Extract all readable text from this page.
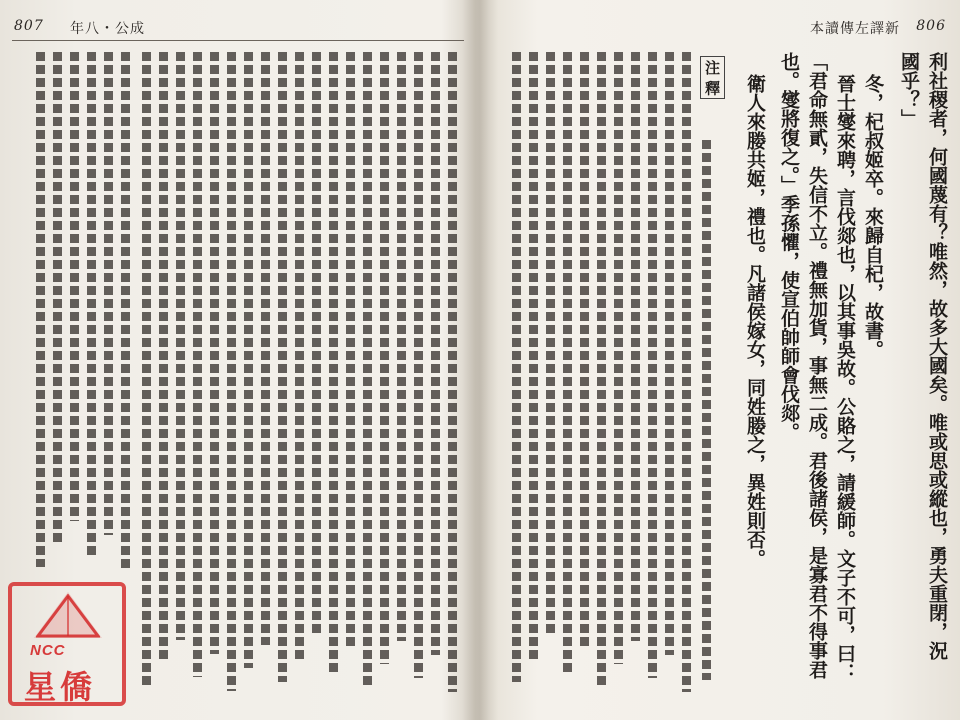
807 年八・公成	本讀傳左譯新 806
利社稷者，何國蔑有？唯然，故多大國矣。唯或思或縱也，勇夫重閉，況
國乎？」
冬，杞叔姬卒。來歸自杞，故書。
晉士燮來聘，言伐郯也，以其事吳故。公賂之，請緩師。文子不可，曰：
「君命無貳，失信不立。禮無加貨，事無二成。君後諸侯，是寡君不得事君
也。燮將復之。」季孫懼，使宣伯帥師會伐郯。
衛人來媵共姬，禮也。凡諸侯嫁女，同姓媵之，異姓則否。
注 釋
NCC
星僑
